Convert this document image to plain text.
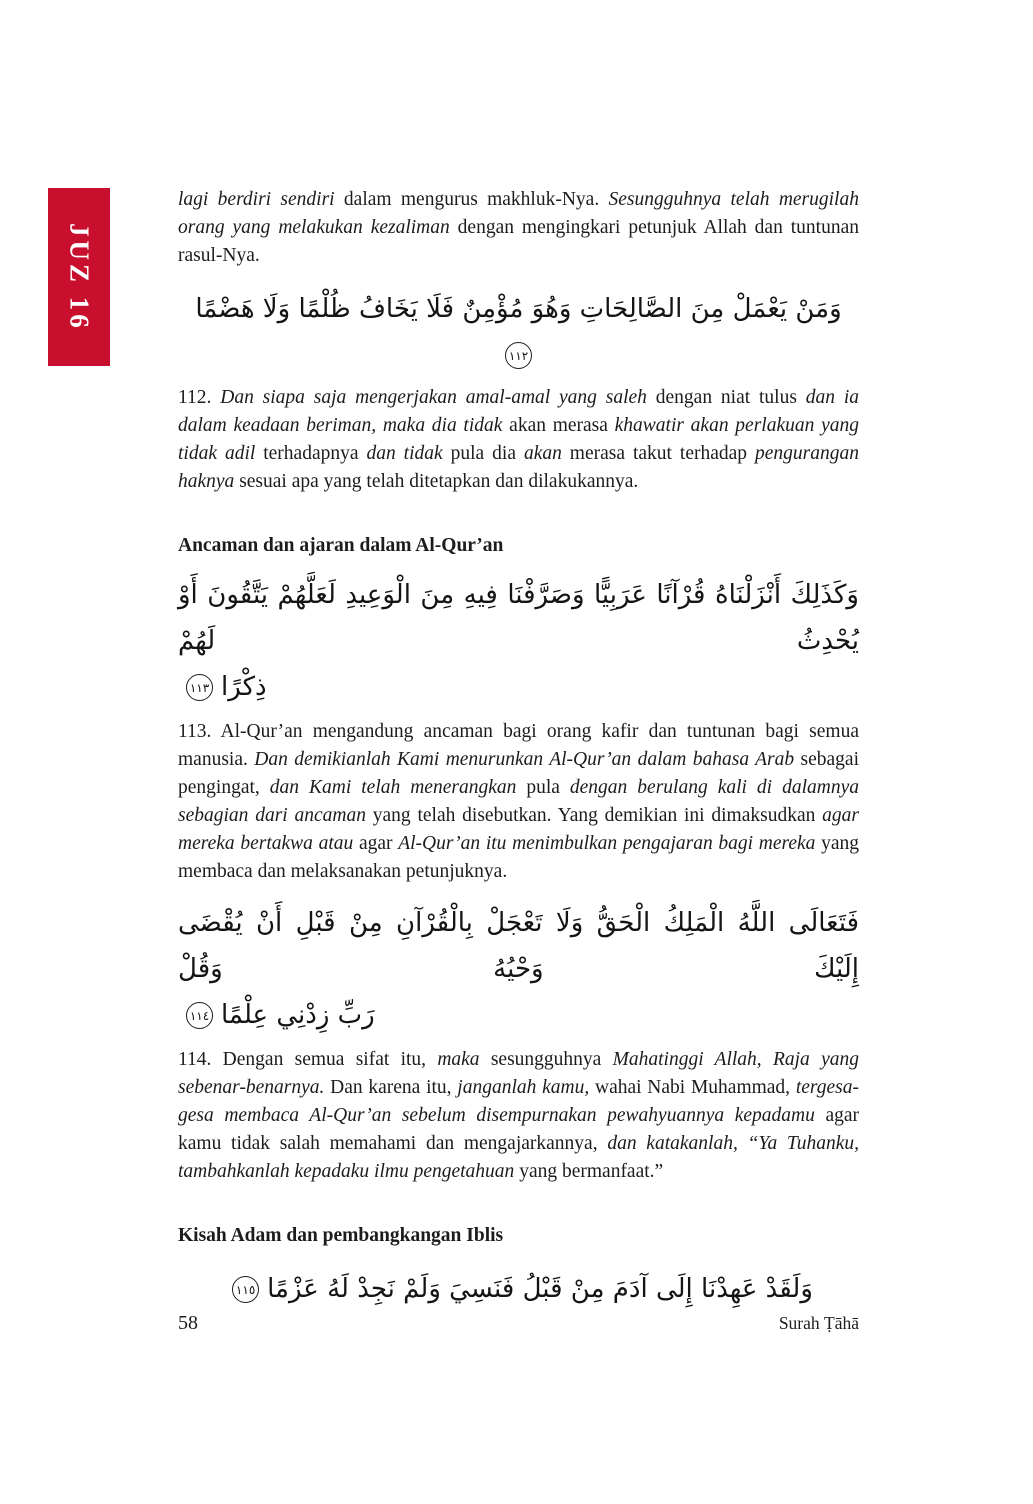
JUZ 16

lagi berdiri sendiri dalam mengurus makhluk-Nya. Sesungguhnya telah merugilah orang yang melakukan kezaliman dengan mengingkari petunjuk Allah dan tuntunan rasul-Nya.

وَمَنْ يَعْمَلْ مِنَ الصَّالِحَاتِ وَهُوَ مُؤْمِنٌ فَلَا يَخَافُ ظُلْمًا وَلَا هَضْمًا١١٢

112. Dan siapa saja mengerjakan amal-amal yang saleh dengan niat tulus dan ia dalam keadaan beriman, maka dia tidak akan merasa khawatir akan perlakuan yang tidak adil terhadapnya dan tidak pula dia akan merasa takut terhadap pengurangan haknya sesuai apa yang telah ditetapkan dan dilakukannya.

Ancaman dan ajaran dalam Al-Qur’an
وَكَذَلِكَ أَنْزَلْنَاهُ قُرْآنًا عَرَبِيًّا وَصَرَّفْنَا فِيهِ مِنَ الْوَعِيدِ لَعَلَّهُمْ يَتَّقُونَ أَوْ يُحْدِثُ لَهُمْ
ذِكْرًا١١٣

113. Al-Qur’an mengandung ancaman bagi orang kafir dan tuntunan bagi semua manusia. Dan demikianlah Kami menurunkan Al-Qur’an dalam bahasa Arab sebagai pengingat, dan Kami telah menerangkan pula dengan berulang kali di dalamnya sebagian dari ancaman yang telah disebutkan. Yang demikian ini dimaksudkan agar mereka bertakwa atau agar Al-Qur’an itu menimbulkan pengajaran bagi mereka yang membaca dan melaksanakan petunjuknya.

فَتَعَالَى اللَّهُ الْمَلِكُ الْحَقُّ وَلَا تَعْجَلْ بِالْقُرْآنِ مِنْ قَبْلِ أَنْ يُقْضَى إِلَيْكَ وَحْيُهُ وَقُلْ
رَبِّ زِدْنِي عِلْمًا١١٤

114. Dengan semua sifat itu, maka sesungguhnya Mahatinggi Allah, Raja yang sebenar-benarnya. Dan karena itu, janganlah kamu, wahai Nabi Muhammad, tergesa-gesa membaca Al-Qur’an sebelum disempurnakan pewahyuannya kepadamu agar kamu tidak salah memahami dan mengajarkannya, dan katakanlah, “Ya Tuhanku, tambahkanlah kepadaku ilmu pengetahuan yang bermanfaat.”

Kisah Adam dan pembangkangan Iblis
وَلَقَدْ عَهِدْنَا إِلَى آدَمَ مِنْ قَبْلُ فَنَسِيَ وَلَمْ نَجِدْ لَهُ عَزْمًا١١٥
58	Surah Ṭāhā
